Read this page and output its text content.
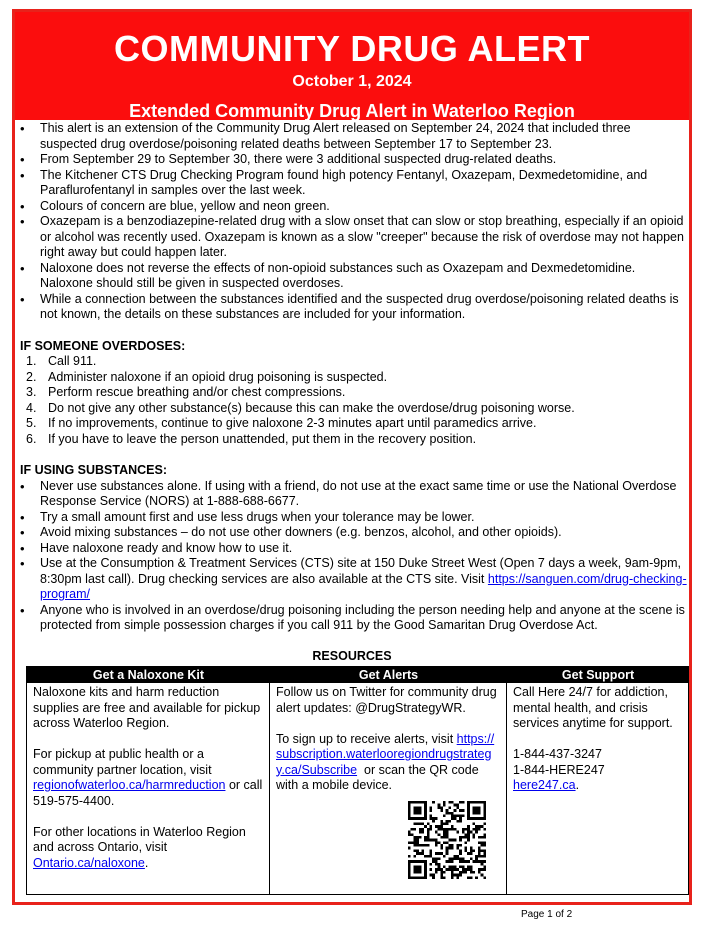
COMMUNITY DRUG ALERT
October 1, 2024
Extended Community Drug Alert in Waterloo Region
• This alert is an extension of the Community Drug Alert released on September 24, 2024 that included three suspected drug overdose/poisoning related deaths between September 17 to September 23.
• From September 29 to September 30, there were 3 additional suspected drug-related deaths.
• The Kitchener CTS Drug Checking Program found high potency Fentanyl, Oxazepam, Dexmedetomidine, and Paraflurofentanyl in samples over the last week.
• Colours of concern are blue, yellow and neon green.
• Oxazepam is a benzodiazepine-related drug with a slow onset that can slow or stop breathing, especially if an opioid or alcohol was recently used. Oxazepam is known as a slow "creeper" because the risk of overdose may not happen right away but could happen later.
• Naloxone does not reverse the effects of non-opioid substances such as Oxazepam and Dexmedetomidine. Naloxone should still be given in suspected overdoses.
• While a connection between the substances identified and the suspected drug overdose/poisoning related deaths is not known, the details on these substances are included for your information.
IF SOMEONE OVERDOSES:
1. Call 911.
2. Administer naloxone if an opioid drug poisoning is suspected.
3. Perform rescue breathing and/or chest compressions.
4. Do not give any other substance(s) because this can make the overdose/drug poisoning worse.
5. If no improvements, continue to give naloxone 2-3 minutes apart until paramedics arrive.
6. If you have to leave the person unattended, put them in the recovery position.
IF USING SUBSTANCES:
• Never use substances alone. If using with a friend, do not use at the exact same time or use the National Overdose Response Service (NORS) at 1-888-688-6677.
• Try a small amount first and use less drugs when your tolerance may be lower.
• Avoid mixing substances – do not use other downers (e.g. benzos, alcohol, and other opioids).
• Have naloxone ready and know how to use it.
• Use at the Consumption & Treatment Services (CTS) site at 150 Duke Street West (Open 7 days a week, 9am-9pm, 8:30pm last call). Drug checking services are also available at the CTS site. Visit https://sanguen.com/drug-checking-program/
• Anyone who is involved in an overdose/drug poisoning including the person needing help and anyone at the scene is protected from simple possession charges if you call 911 by the Good Samaritan Drug Overdose Act.
RESOURCES
Get a Naloxone Kit	Get Alerts	Get Support

Naloxone kits and harm reduction supplies are free and available for pickup across Waterloo Region.

For pickup at public health or a community partner location, visit regionofwaterloo.ca/harmreduction or call 519-575-4400.

For other locations in Waterloo Region and across Ontario, visit Ontario.ca/naloxone.

Follow us on Twitter for community drug alert updates: @DrugStrategyWR.

To sign up to receive alerts, visit https://subscription.waterlooregiondrugstrategy.ca/Subscribe or scan the QR code with a mobile device.

Call Here 24/7 for addiction, mental health, and crisis services anytime for support.

1-844-437-3247

1-844-HERE247

here247.ca.

Page 1 of 2
